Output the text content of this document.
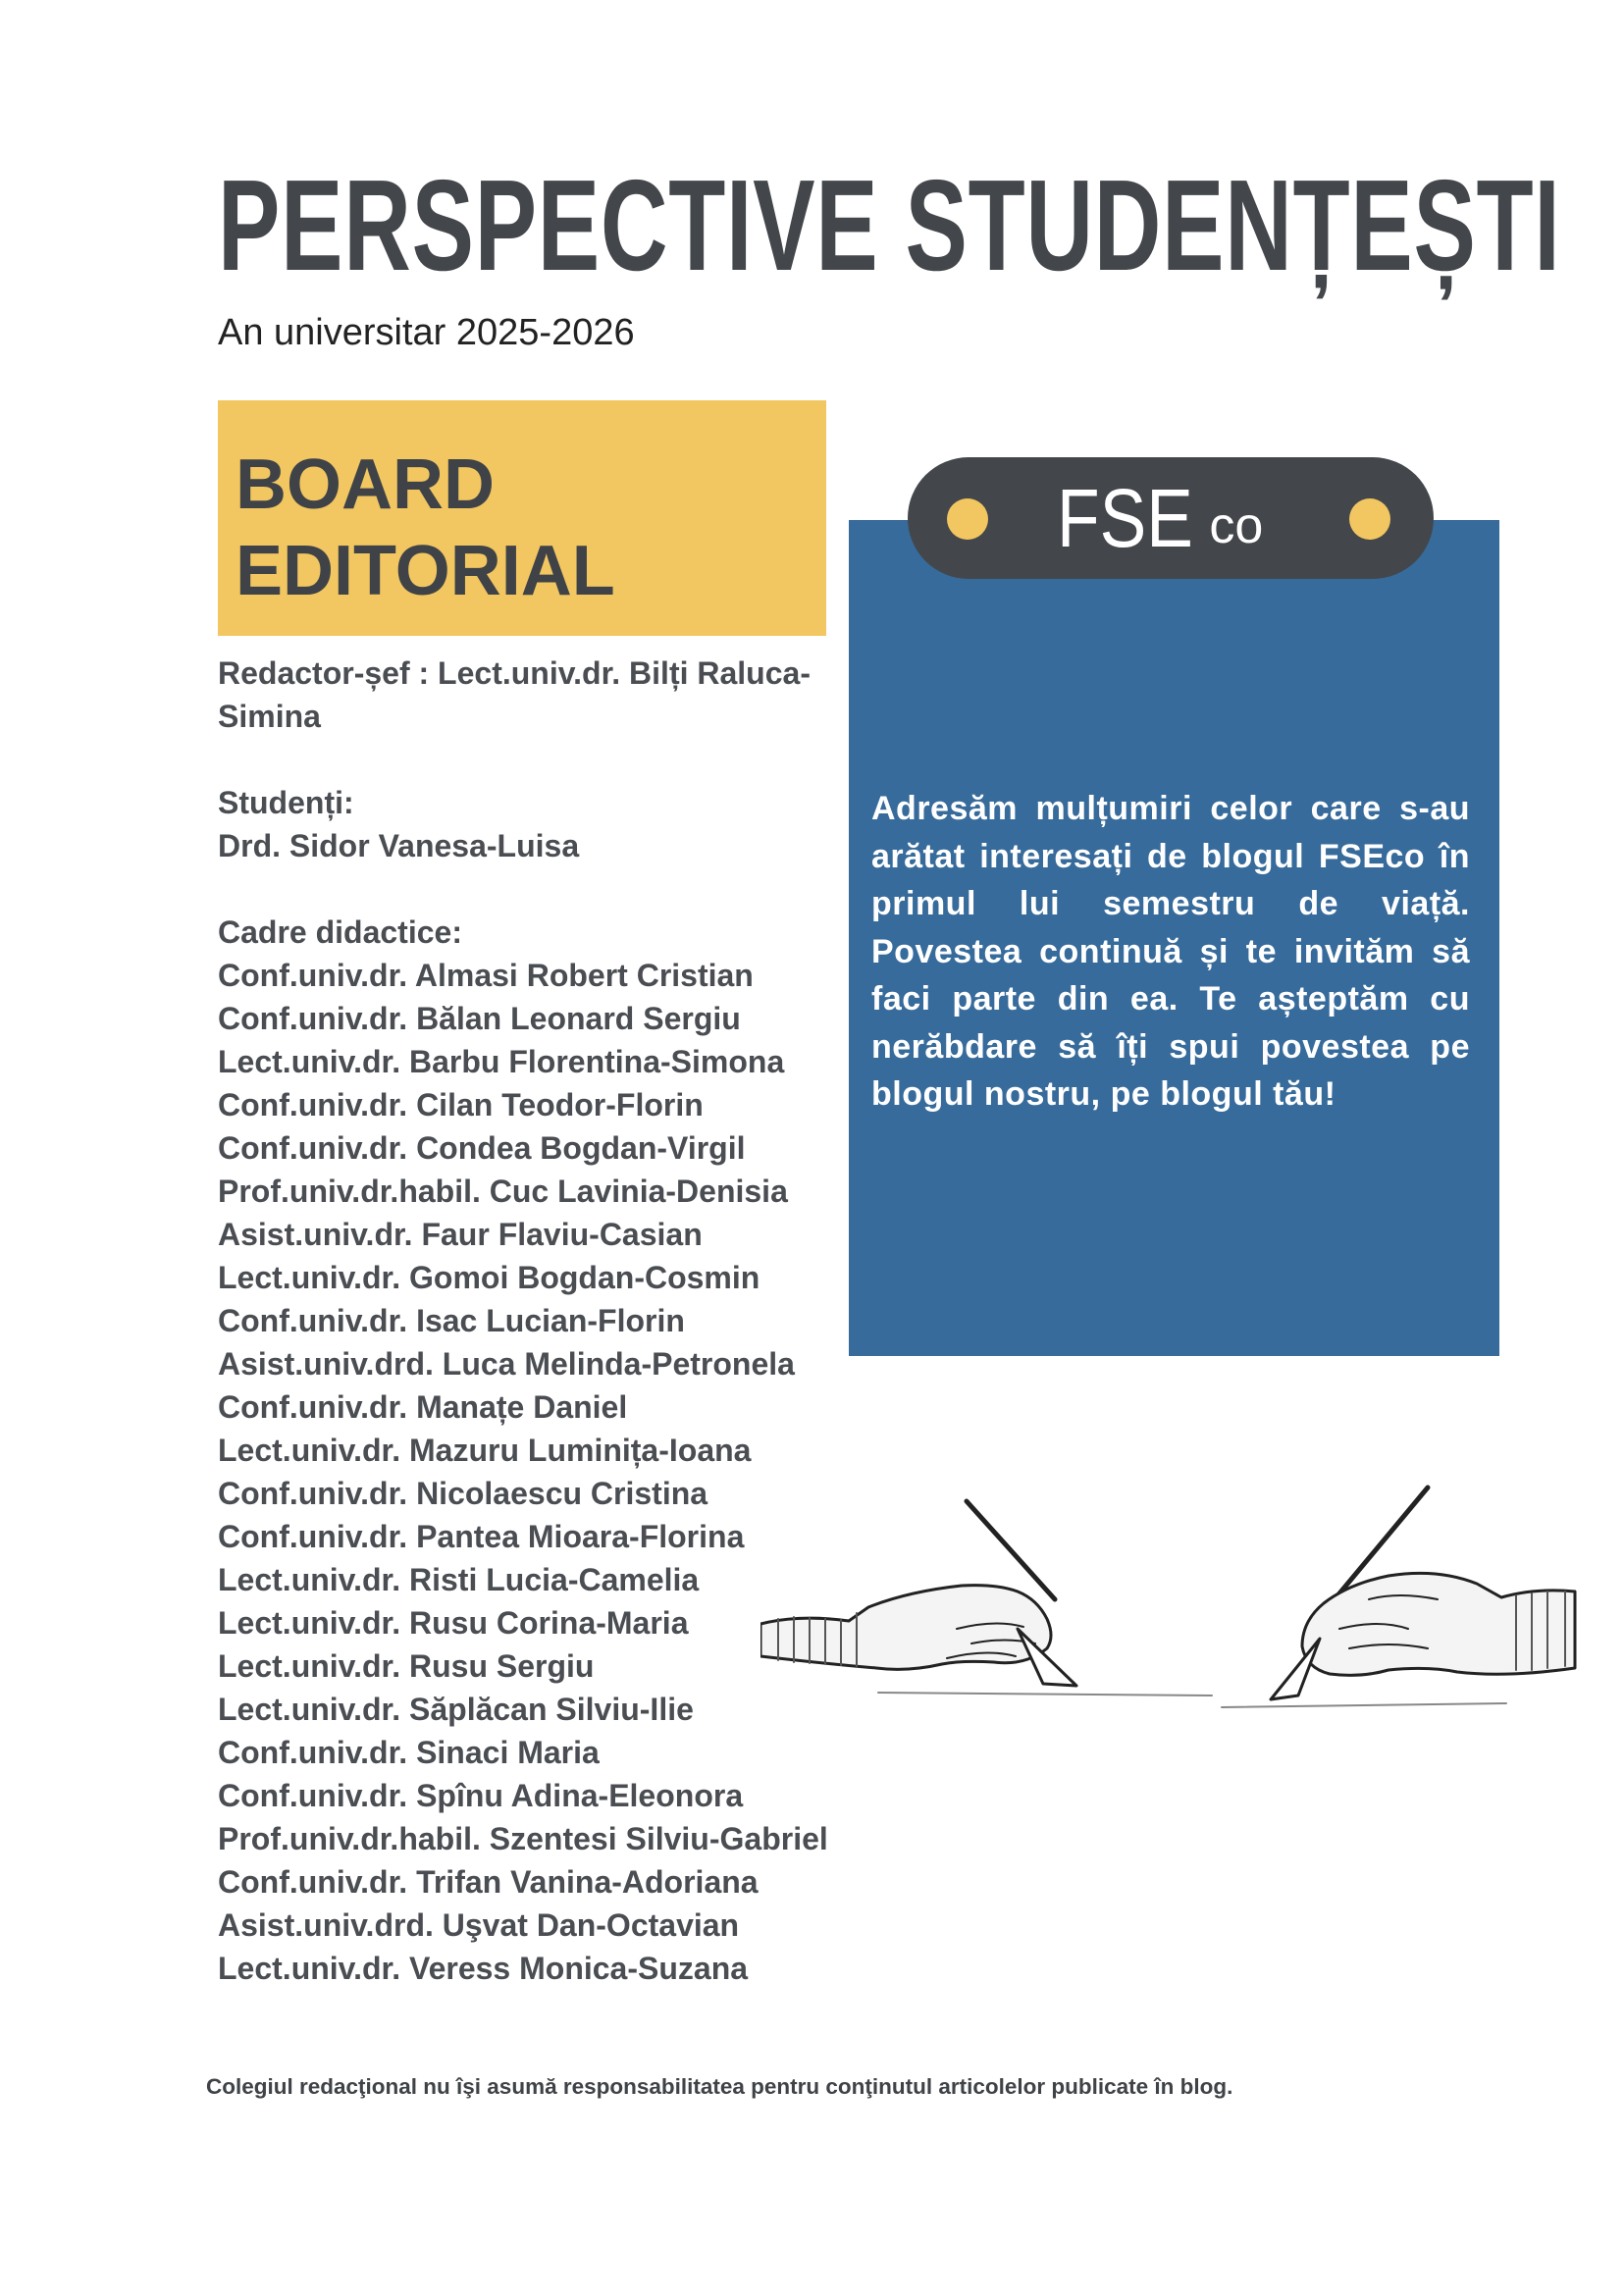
PERSPECTIVE STUDENȚEȘTI

An universitar 2025-2026

BOARD
EDITORIAL
FSE co

Adresăm mulțumiri celor care s-au arătat interesați de blogul FSEco în primul lui semestru de viață. Povestea continuă și te invităm să faci parte din ea. Te așteptăm cu nerăbdare să îți spui povestea pe blogul nostru, pe blogul tău!

Redactor-șef : Lect.univ.dr. Bilți Raluca-

Simina

Studenți:

Drd. Sidor Vanesa-Luisa

Cadre didactice:

Conf.univ.dr. Almasi Robert Cristian

Conf.univ.dr. Bălan Leonard Sergiu

Lect.univ.dr. Barbu Florentina-Simona

Conf.univ.dr. Cilan Teodor-Florin

Conf.univ.dr. Condea Bogdan-Virgil

Prof.univ.dr.habil. Cuc Lavinia-Denisia

Asist.univ.dr. Faur Flaviu-Casian

Lect.univ.dr. Gomoi Bogdan-Cosmin

Conf.univ.dr. Isac Lucian-Florin

Asist.univ.drd. Luca Melinda-Petronela

Conf.univ.dr. Manațe Daniel

Lect.univ.dr. Mazuru Luminița-Ioana

Conf.univ.dr. Nicolaescu Cristina

Conf.univ.dr. Pantea Mioara-Florina

Lect.univ.dr. Risti Lucia-Camelia

Lect.univ.dr. Rusu Corina-Maria

Lect.univ.dr. Rusu Sergiu

Lect.univ.dr. Săplăcan Silviu-Ilie

Conf.univ.dr. Sinaci Maria

Conf.univ.dr. Spînu Adina-Eleonora

Prof.univ.dr.habil. Szentesi Silviu-Gabriel

Conf.univ.dr. Trifan Vanina-Adoriana

Asist.univ.drd. Uşvat Dan-Octavian

Lect.univ.dr. Veress Monica-Suzana

Colegiul redacţional nu îşi asumă responsabilitatea pentru conţinutul articolelor publicate în blog.
